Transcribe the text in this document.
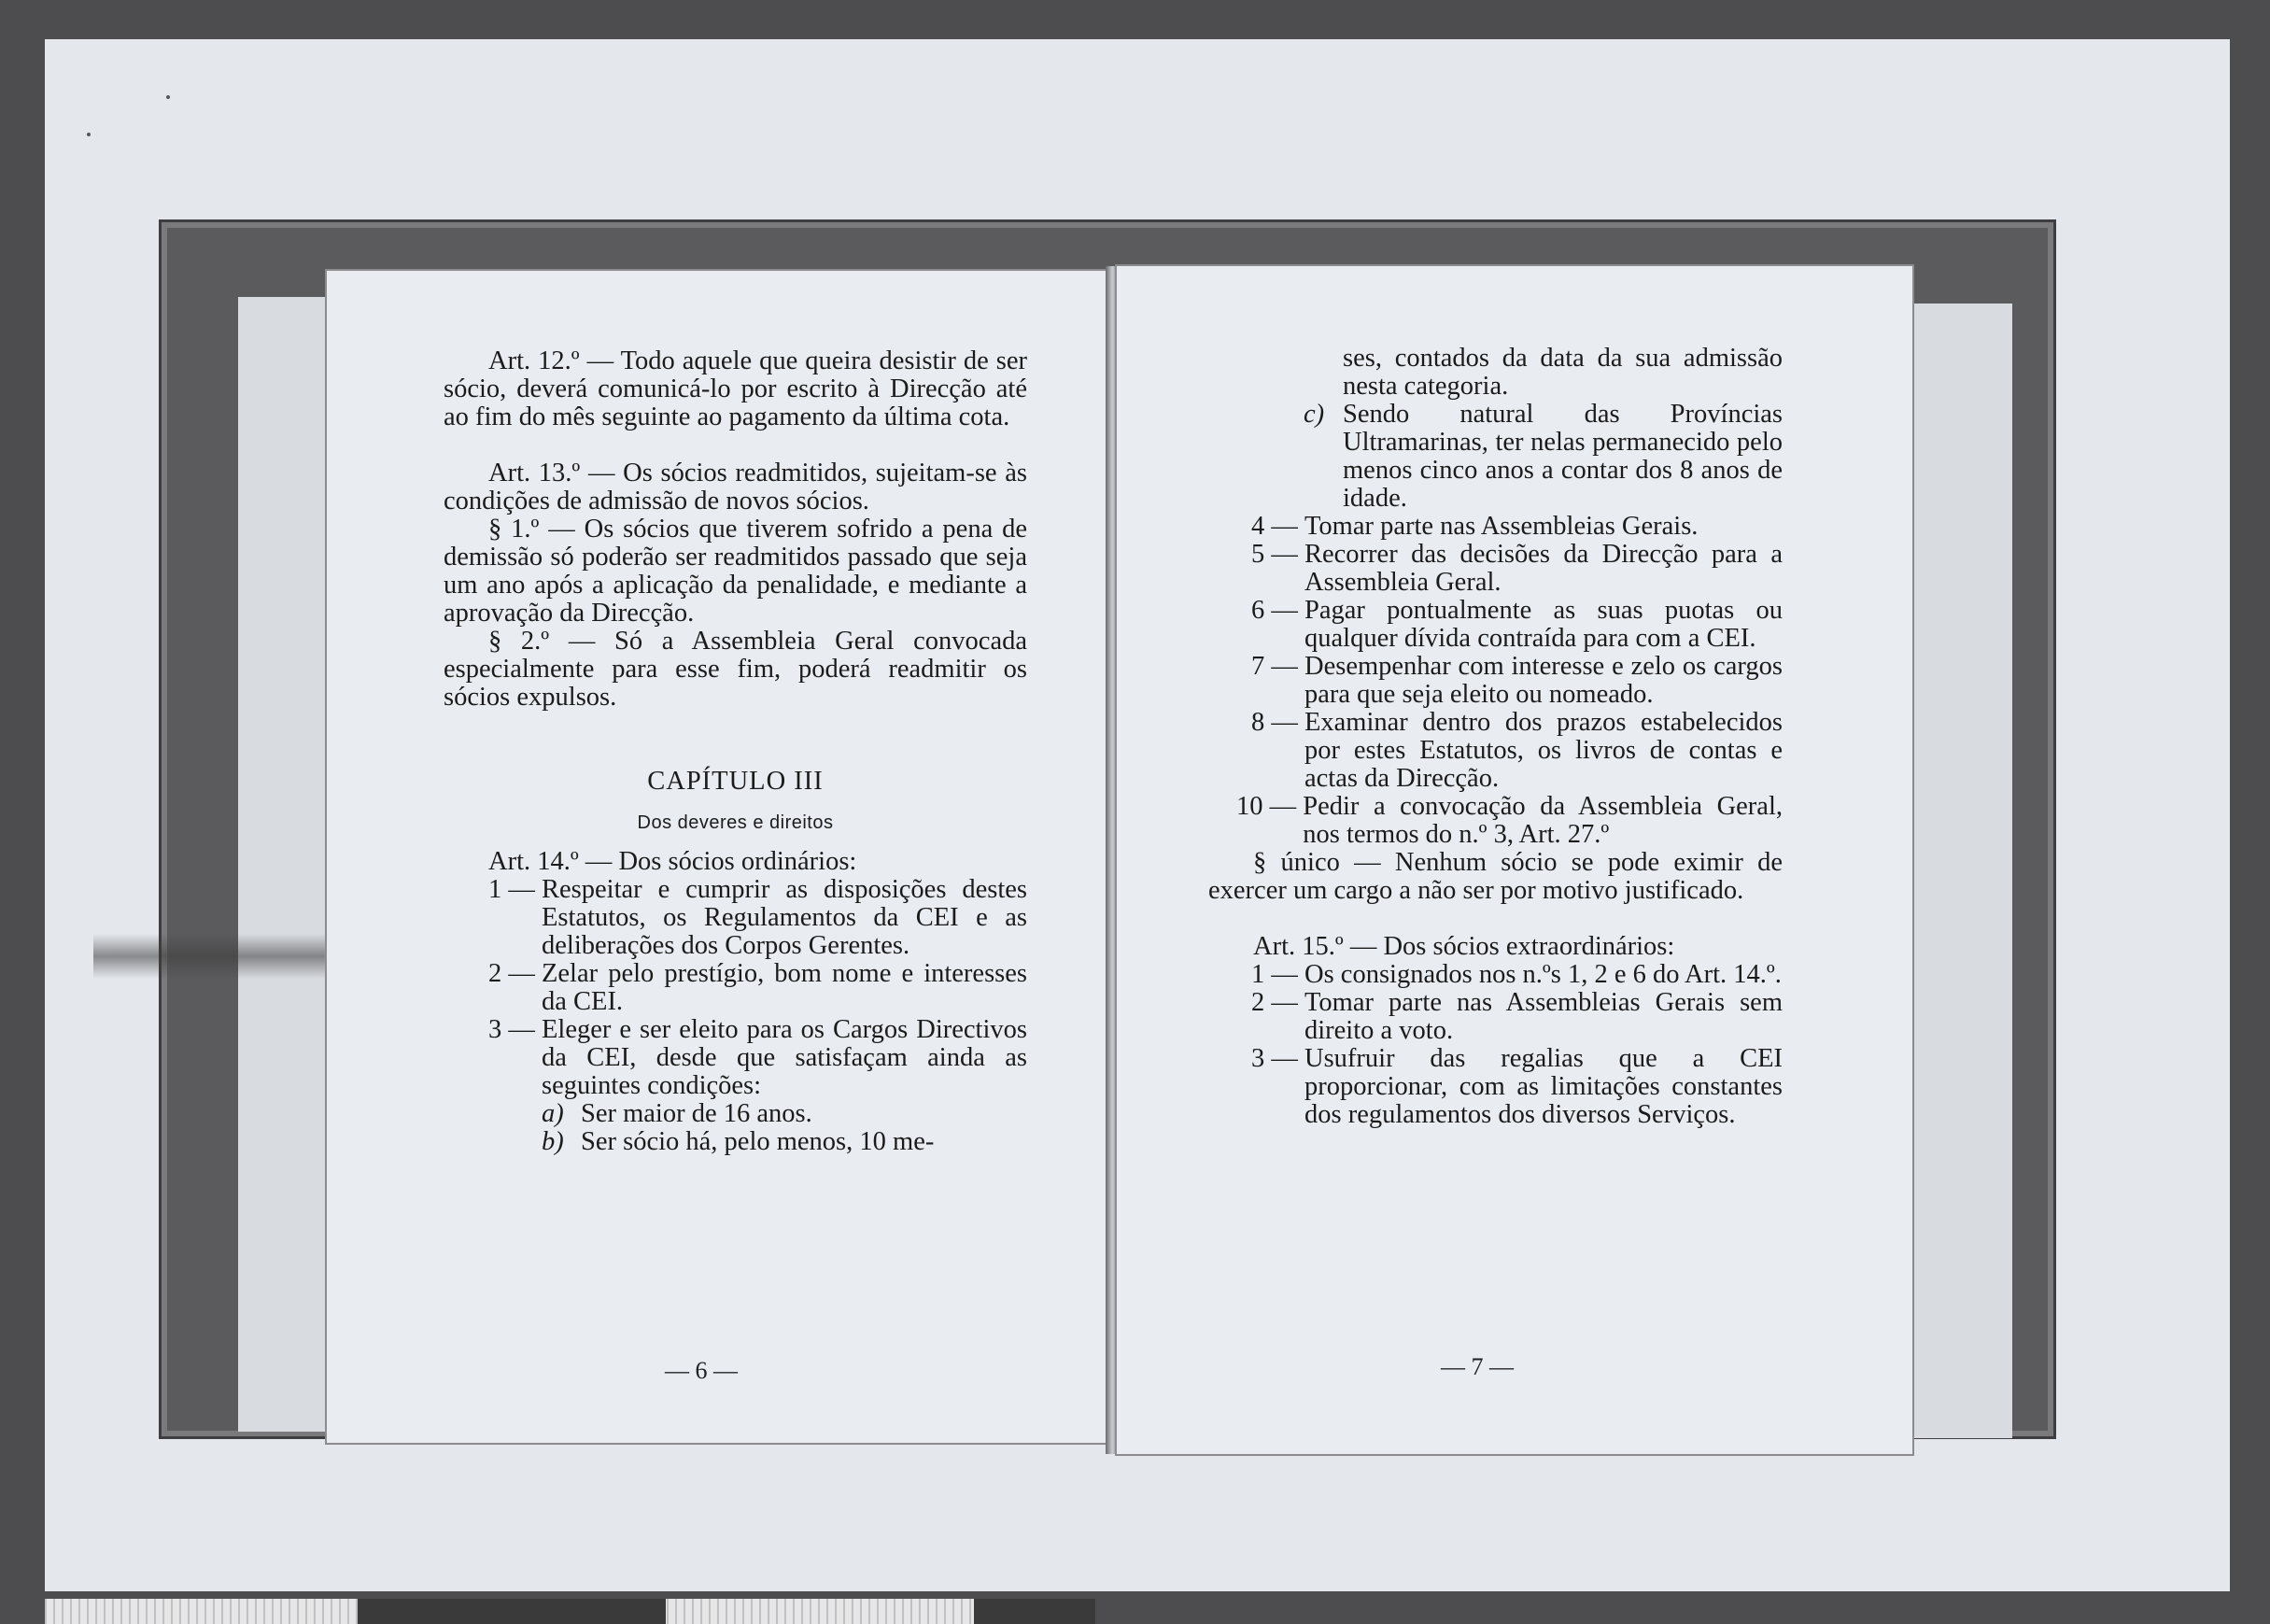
Art. 12.º — Todo aquele que queira desistir de ser sócio, deverá comunicá-lo por escrito à Direcção até ao fim do mês seguinte ao pagamento da última cota.

Art. 13.º — Os sócios readmitidos, sujeitam-se às condições de admissão de novos sócios.

§ 1.º — Os sócios que tiverem sofrido a pena de demissão só poderão ser readmitidos passado que seja um ano após a aplicação da penalidade, e mediante a aprovação da Direcção.

§ 2.º — Só a Assembleia Geral convocada especialmente para esse fim, poderá readmitir os sócios expulsos.

CAPÍTULO III

Dos deveres e direitos

Art. 14.º — Dos sócios ordinários:

1 — Respeitar e cumprir as disposições destes Estatutos, os Regulamentos da CEI e as deliberações dos Corpos Gerentes.
2 — Zelar pelo prestígio, bom nome e interesses da CEI.
3 — Eleger e ser eleito para os Cargos Directivos da CEI, desde que satisfaçam ainda as seguintes condições:
a) Ser maior de 16 anos.
b) Ser sócio há, pelo menos, 10 me-
— 6 —

ses, contados da data da sua admissão nesta categoria.

c) Sendo natural das Províncias Ultramarinas, ter nelas permanecido pelo menos cinco anos a contar dos 8 anos de idade.
4 — Tomar parte nas Assembleias Gerais.
5 — Recorrer das decisões da Direcção para a Assembleia Geral.
6 — Pagar pontualmente as suas puotas ou qualquer dívida contraída para com a CEI.
7 — Desempenhar com interesse e zelo os cargos para que seja eleito ou nomeado.
8 — Examinar dentro dos prazos estabelecidos por estes Estatutos, os livros de contas e actas da Direcção.
10 — Pedir a convocação da Assembleia Geral, nos termos do n.º 3, Art. 27.º

§ único — Nenhum sócio se pode eximir de exercer um cargo a não ser por motivo justificado.

Art. 15.º — Dos sócios extraordinários:

1 — Os consignados nos n.ºs 1, 2 e 6 do Art. 14.º.
2 — Tomar parte nas Assembleias Gerais sem direito a voto.
3 — Usufruir das regalias que a CEI proporcionar, com as limitações constantes dos regulamentos dos diversos Serviços.
— 7 —
